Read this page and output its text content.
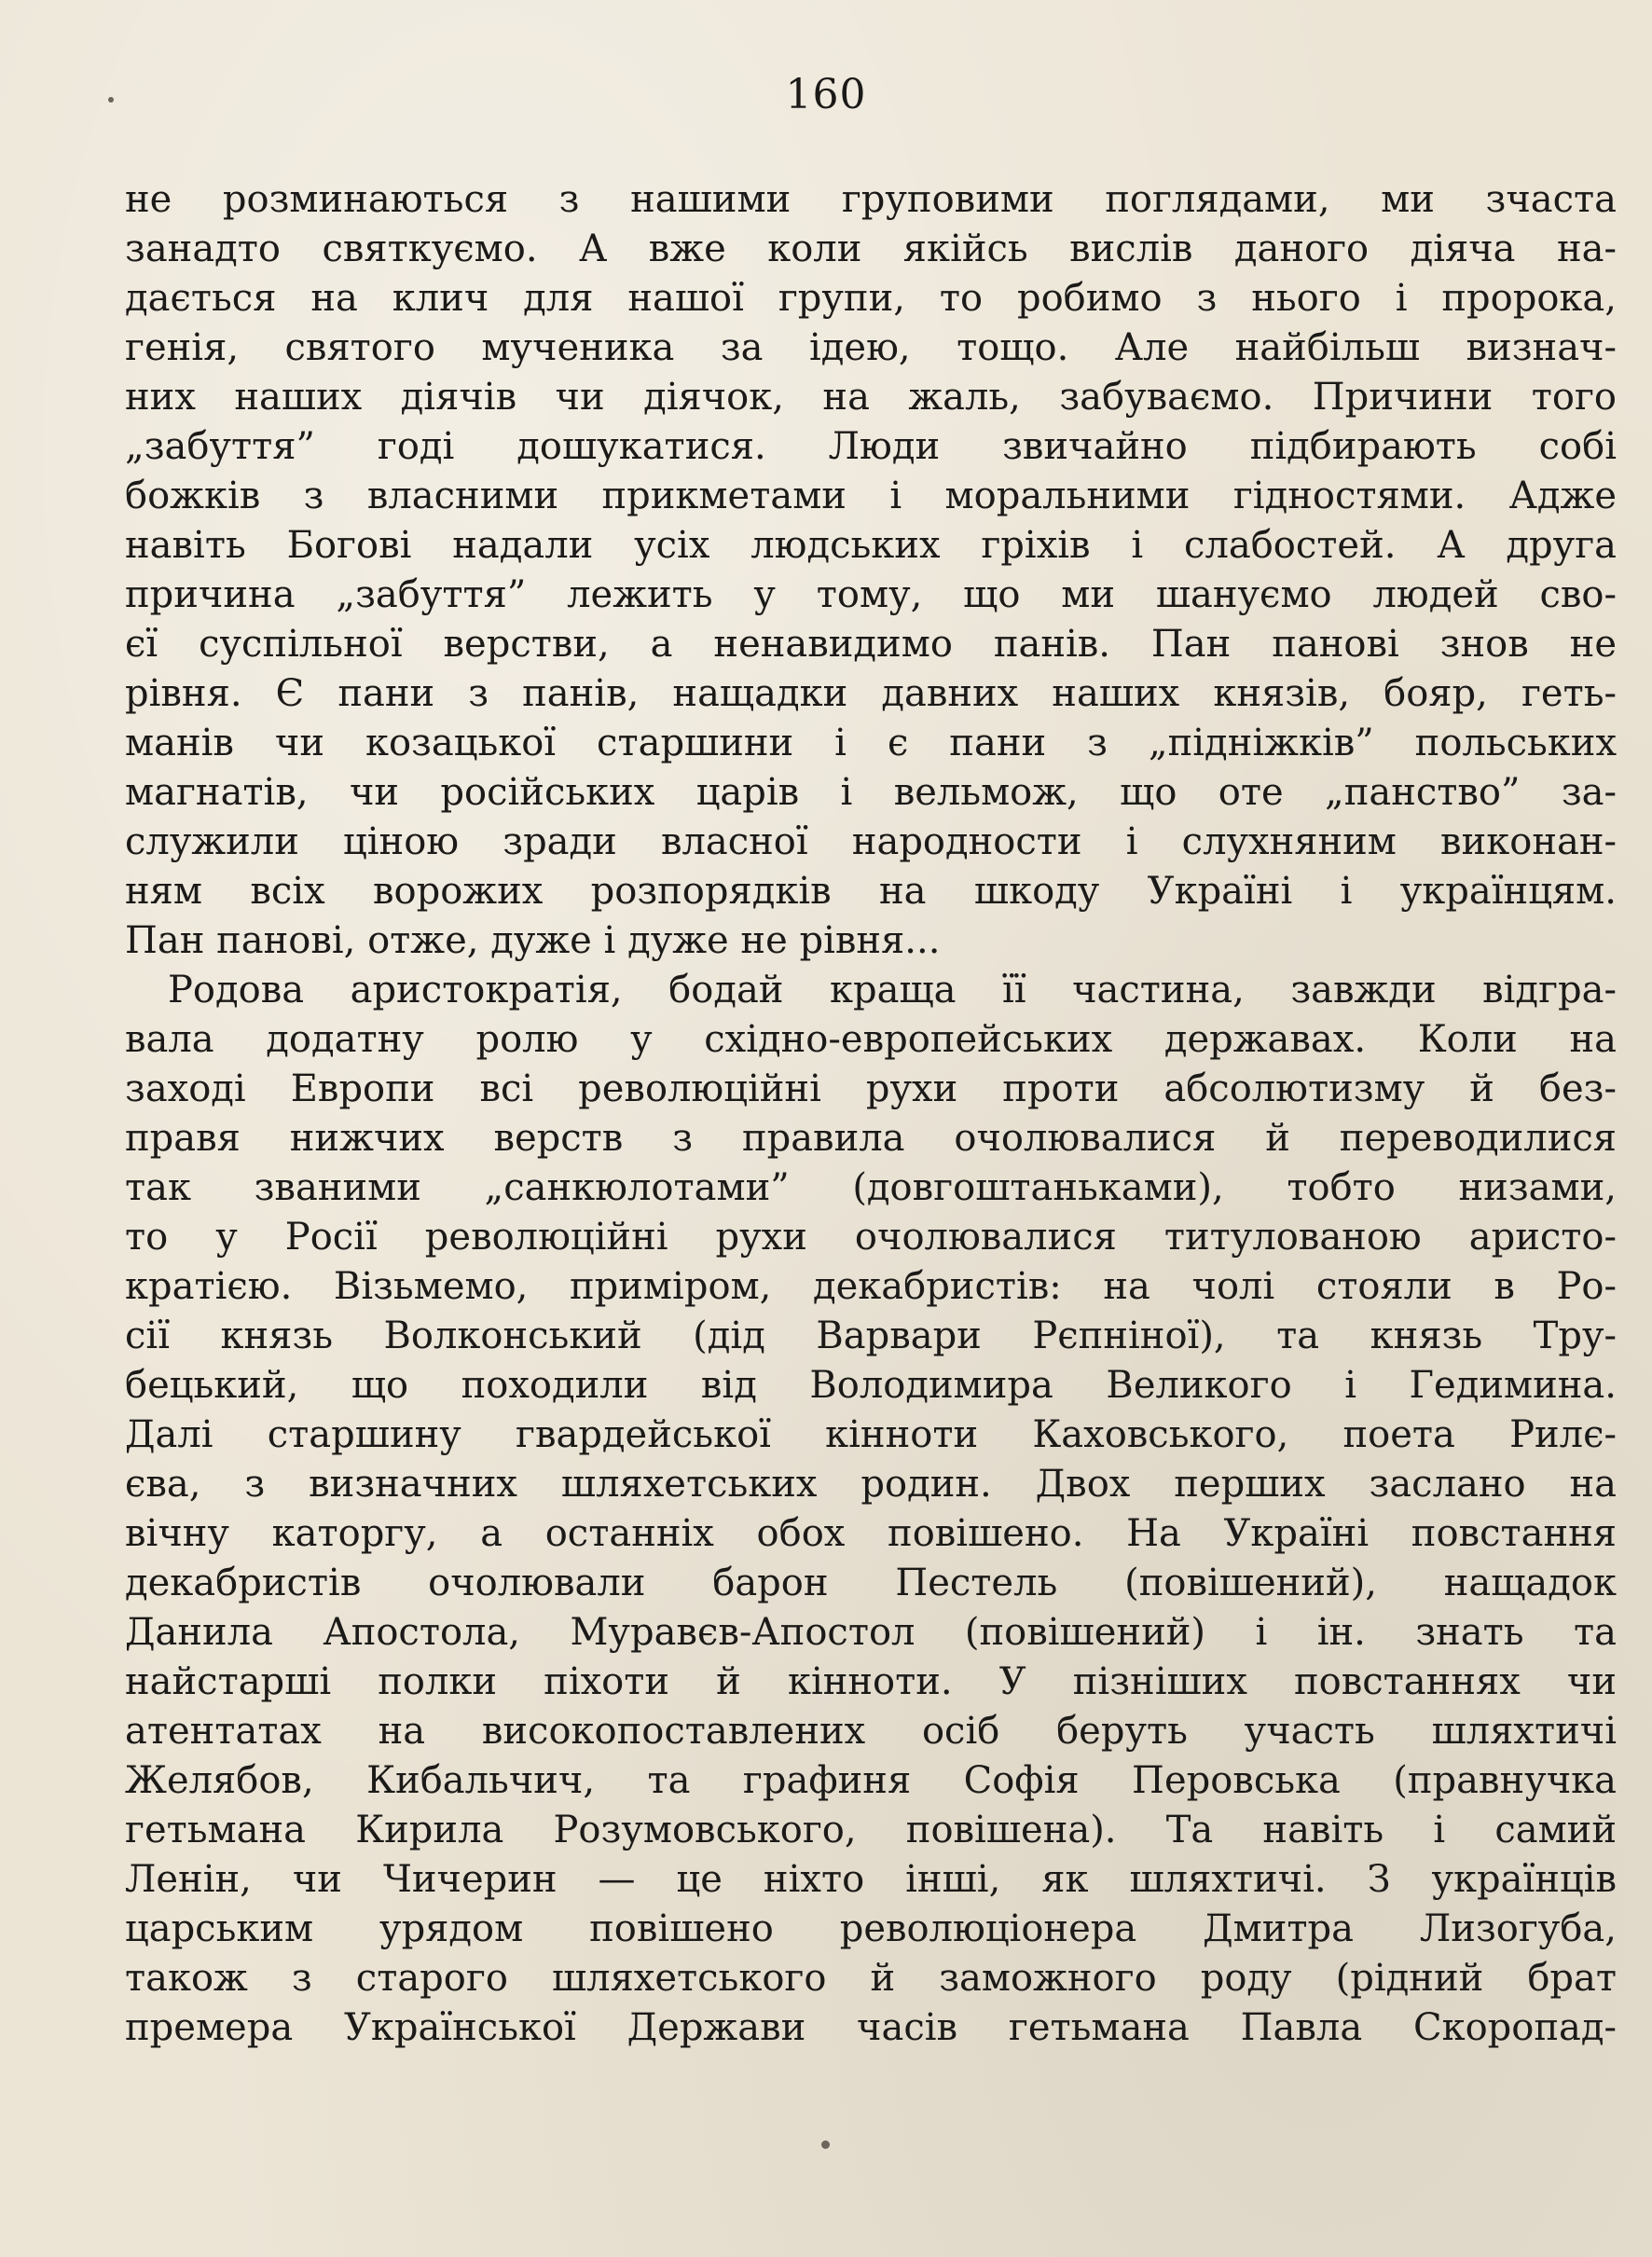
160
не розминаються з нашими груповими поглядами, ми зчаста
занадто святкуємо. А вже коли якійсь вислів даного діяча на-
дається на клич для нашої групи, то робимо з нього і пророка,
генія, святого мученика за ідею, тощо. Але найбільш визнач-
них наших діячів чи діячок, на жаль, забуваємо. Причини того
„забуття” годі дошукатися. Люди звичайно підбирають собі
божків з власними прикметами і моральними гідностями. Адже
навіть Богові надали усіх людських гріхів і слабостей. А друга
причина „забуття” лежить у тому, що ми шануємо людей сво-
єї суспільної верстви, а ненавидимо панів. Пан панові знов не
рівня. Є пани з панів, нащадки давних наших князів, бояр, геть-
манів чи козацької старшини і є пани з „підніжків” польських
магнатів, чи російських царів і вельмож, що оте „панство” за-
служили ціною зради власної народности і слухняним виконан-
ням всіх ворожих розпорядків на шкоду Україні і українцям.
Пан панові, отже, дуже і дуже не рівня...
Родова аристократія, бодай краща її частина, завжди відгра-
вала додатну ролю у східно-европейських державах. Коли на
заході Европи всі революційні рухи проти абсолютизму й без-
правя нижчих верств з правила очолювалися й переводилися
так званими „санкюлотами” (довгоштаньками), тобто низами,
то у Росії революційні рухи очолювалися титулованою аристо-
кратією. Візьмемо, приміром, декабристів: на чолі стояли в Ро-
сії князь Волконський (дід Варвари Рєпніної), та князь Тру-
бецький, що походили від Володимира Великого і Гедимина.
Далі старшину гвардейської кінноти Каховського, поета Рилє-
єва, з визначних шляхетських родин. Двох перших заслано на
вічну каторгу, а останніх обох повішено. На Україні повстання
декабристів очолювали барон Пестель (повішений), нащадок
Данила Апостола, Муравєв-Апостол (повішений) і ін. знать та
найстарші полки піхоти й кінноти. У пізніших повстаннях чи
атентатах на високопоставлених осіб беруть участь шляхтичі
Желябов, Кибальчич, та графиня Софія Перовська (правнучка
гетьмана Кирила Розумовського, повішена). Та навіть і самий
Ленін, чи Чичерин — це ніхто інші, як шляхтичі. З українців
царським урядом повішено революціонера Дмитра Лизогуба,
також з старого шляхетського й заможного роду (рідний брат
премера Української Держави часів гетьмана Павла Скоропад-
